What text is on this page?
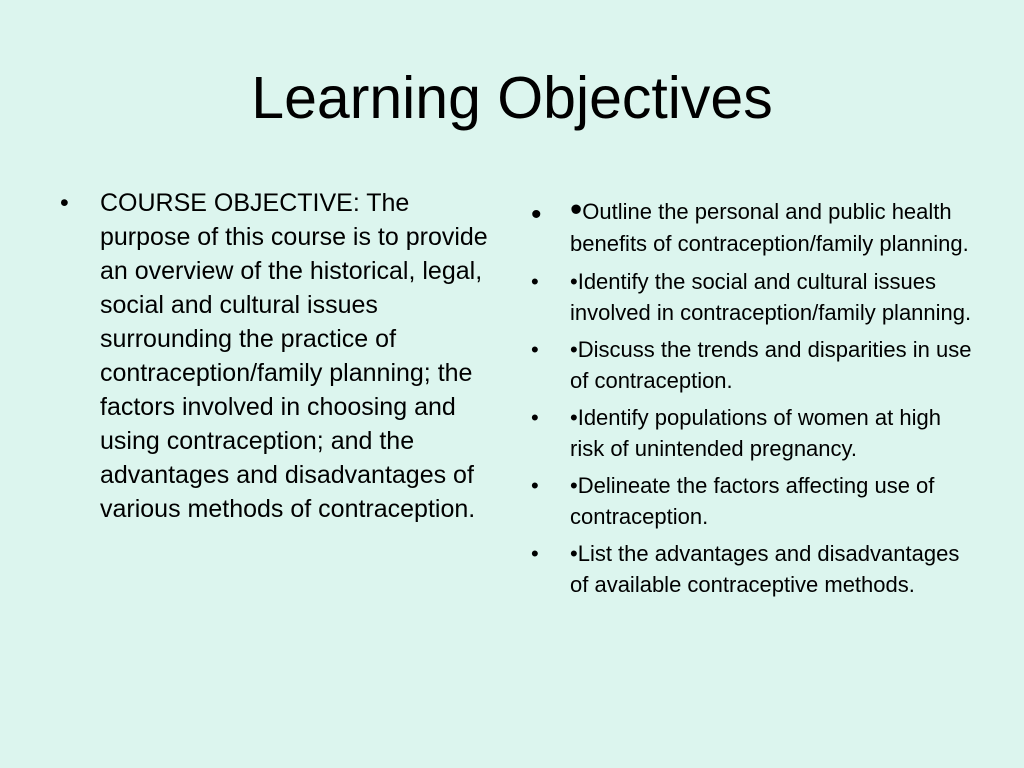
Learning Objectives
• COURSE OBJECTIVE: The purpose of this course is to provide an overview of the historical, legal, social and cultural issues surrounding the practice of contraception/family planning; the factors involved in choosing and using contraception; and the advantages and disadvantages of various methods of contraception.
• •Outline the personal and public health benefits of contraception/family planning.
• •Identify the social and cultural issues involved in contraception/family planning.
• •Discuss the trends and disparities in use of contraception.
• •Identify populations of women at high risk of unintended pregnancy.
• •Delineate the factors affecting use of contraception.
• •List the advantages and disadvantages of available contraceptive methods.
